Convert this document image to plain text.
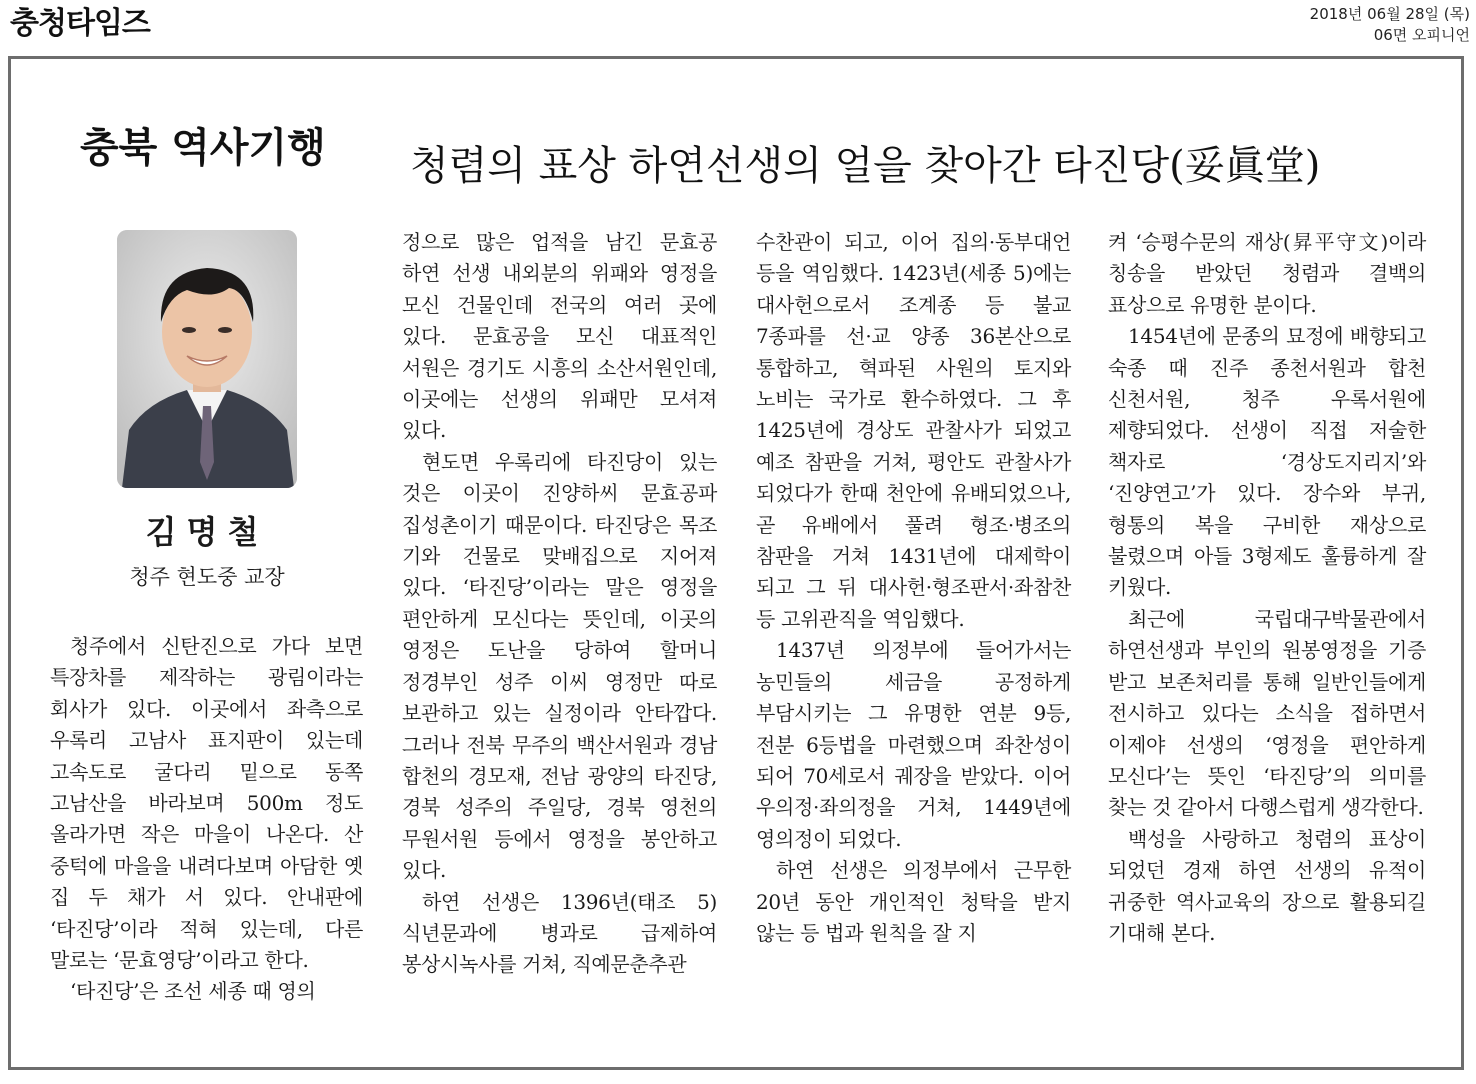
충청타임즈	2018년 06월 28일 (목)
06면 오피니언
충북 역사기행	청렴의 표상 하연선생의 얼을 찾아간 타진당(妥眞堂)
김명철
청주 현도중 교장

청주에서 신탄진으로 가다 보면 특장차를 제작하는 광림이라는 회사가 있다. 이곳에서 좌측으로 우록리 고남사 표지판이 있는데 고속도로 굴다리 밑으로 동쪽 고남산을 바라보며 500m 정도 올라가면 작은 마을이 나온다. 산 중턱에 마을을 내려다보며 아담한 옛 집 두 채가 서 있다. 안내판에 ‘타진당’이라 적혀 있는데, 다른 말로는 ‘문효영당’이라고 한다.

‘타진당’은 조선 세종 때 영의

정으로 많은 업적을 남긴 문효공 하연 선생 내외분의 위패와 영정을 모신 건물인데 전국의 여러 곳에 있다. 문효공을 모신 대표적인 서원은 경기도 시흥의 소산서원인데, 이곳에는 선생의 위패만 모셔져 있다.

현도면 우록리에 타진당이 있는 것은 이곳이 진양하씨 문효공파 집성촌이기 때문이다. 타진당은 목조 기와 건물로 맞배집으로 지어져 있다. ‘타진당’이라는 말은 영정을 편안하게 모신다는 뜻인데, 이곳의 영정은 도난을 당하여 할머니 정경부인 성주 이씨 영정만 따로 보관하고 있는 실정이라 안타깝다. 그러나 전북 무주의 백산서원과 경남 합천의 경모재, 전남 광양의 타진당, 경북 성주의 주일당, 경북 영천의 무원서원 등에서 영정을 봉안하고 있다.

하연 선생은 1396년(태조 5) 식년문과에 병과로 급제하여 봉상시녹사를 거쳐, 직예문춘추관

수찬관이 되고, 이어 집의·동부대언 등을 역임했다. 1423년(세종 5)에는 대사헌으로서 조계종 등 불교 7종파를 선·교 양종 36본산으로 통합하고, 혁파된 사원의 토지와 노비는 국가로 환수하였다. 그 후 1425년에 경상도 관찰사가 되었고 예조 참판을 거쳐, 평안도 관찰사가 되었다가 한때 천안에 유배되었으나, 곧 유배에서 풀려 형조·병조의 참판을 거쳐 1431년에 대제학이 되고 그 뒤 대사헌·형조판서·좌참찬 등 고위관직을 역임했다.

1437년 의정부에 들어가서는 농민들의 세금을 공정하게 부담시키는 그 유명한 연분 9등, 전분 6등법을 마련했으며 좌찬성이 되어 70세로서 궤장을 받았다. 이어 우의정·좌의정을 거쳐, 1449년에 영의정이 되었다.

하연 선생은 의정부에서 근무한 20년 동안 개인적인 청탁을 받지 않는 등 법과 원칙을 잘 지

켜 ‘승평수문의 재상(昇平守文)이라 칭송을 받았던 청렴과 결백의 표상으로 유명한 분이다.

1454년에 문종의 묘정에 배향되고 숙종 때 진주 종천서원과 합천 신천서원, 청주 우록서원에 제향되었다. 선생이 직접 저술한 책자로 ‘경상도지리지’와 ‘진양연고’가 있다. 장수와 부귀, 형통의 복을 구비한 재상으로 불렸으며 아들 3형제도 훌륭하게 잘 키웠다.

최근에 국립대구박물관에서 하연선생과 부인의 원봉영정을 기증 받고 보존처리를 통해 일반인들에게 전시하고 있다는 소식을 접하면서 이제야 선생의 ‘영정을 편안하게 모신다’는 뜻인 ‘타진당’의 의미를 찾는 것 같아서 다행스럽게 생각한다.

백성을 사랑하고 청렴의 표상이 되었던 경재 하연 선생의 유적이 귀중한 역사교육의 장으로 활용되길 기대해 본다.
